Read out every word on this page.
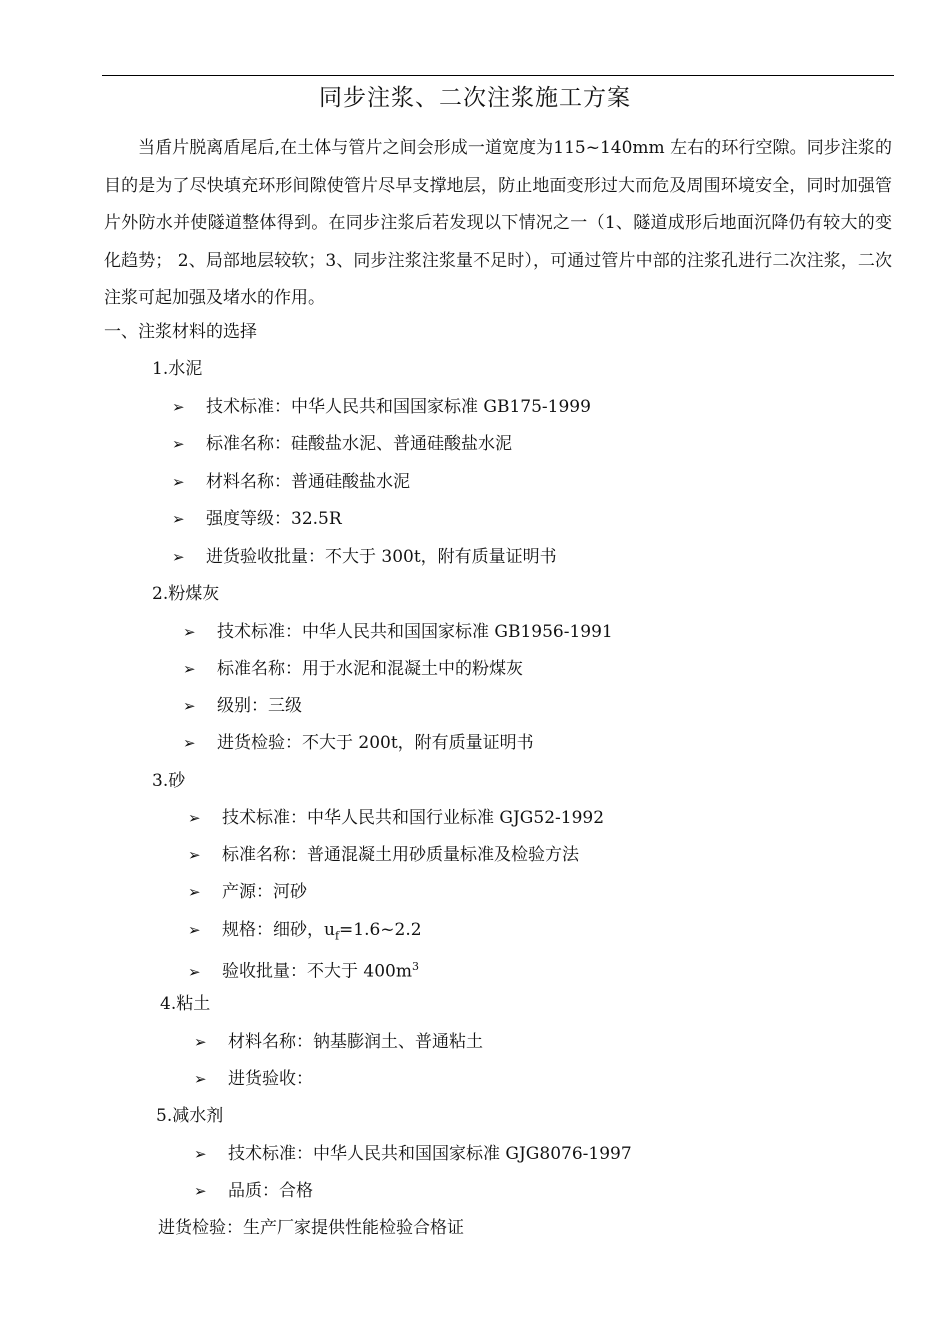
同步注浆、二次注浆施工方案

当盾片脱离盾尾后,在土体与管片之间会形成一道宽度为115~140mm 左右的环行空隙。同步注浆的目的是为了尽快填充环形间隙使管片尽早支撑地层，防止地面变形过大而危及周围环境安全，同时加强管片外防水并使隧道整体得到。在同步注浆后若发现以下情况之一（1、隧道成形后地面沉降仍有较大的变化趋势； 2、局部地层较软；3、同步注浆注浆量不足时），可通过管片中部的注浆孔进行二次注浆，二次注浆可起加强及堵水的作用。

一、注浆材料的选择
1.水泥
➢ 技术标准：中华人民共和国国家标准 GB175-1999
➢ 标准名称：硅酸盐水泥、普通硅酸盐水泥
➢ 材料名称：普通硅酸盐水泥
➢ 强度等级：32.5R
➢ 进货验收批量：不大于 300t，附有质量证明书
2.粉煤灰
➢ 技术标准：中华人民共和国国家标准 GB1956-1991
➢ 标准名称：用于水泥和混凝土中的粉煤灰
➢ 级别：三级
➢ 进货检验：不大于 200t，附有质量证明书
3.砂
➢ 技术标准：中华人民共和国行业标准 GJG52-1992
➢ 标准名称：普通混凝土用砂质量标准及检验方法
➢ 产源：河砂
➢ 规格：细砂，$u_f=1.6\sim 2.2$
➢ 验收批量：不大于 $400m^3$
4.粘土
➢ 材料名称：钠基膨润土、普通粘土
➢ 进货验收：
5.减水剂
➢ 技术标准：中华人民共和国国家标准 GJG8076-1997
➢ 品质：合格
进货检验：生产厂家提供性能检验合格证
